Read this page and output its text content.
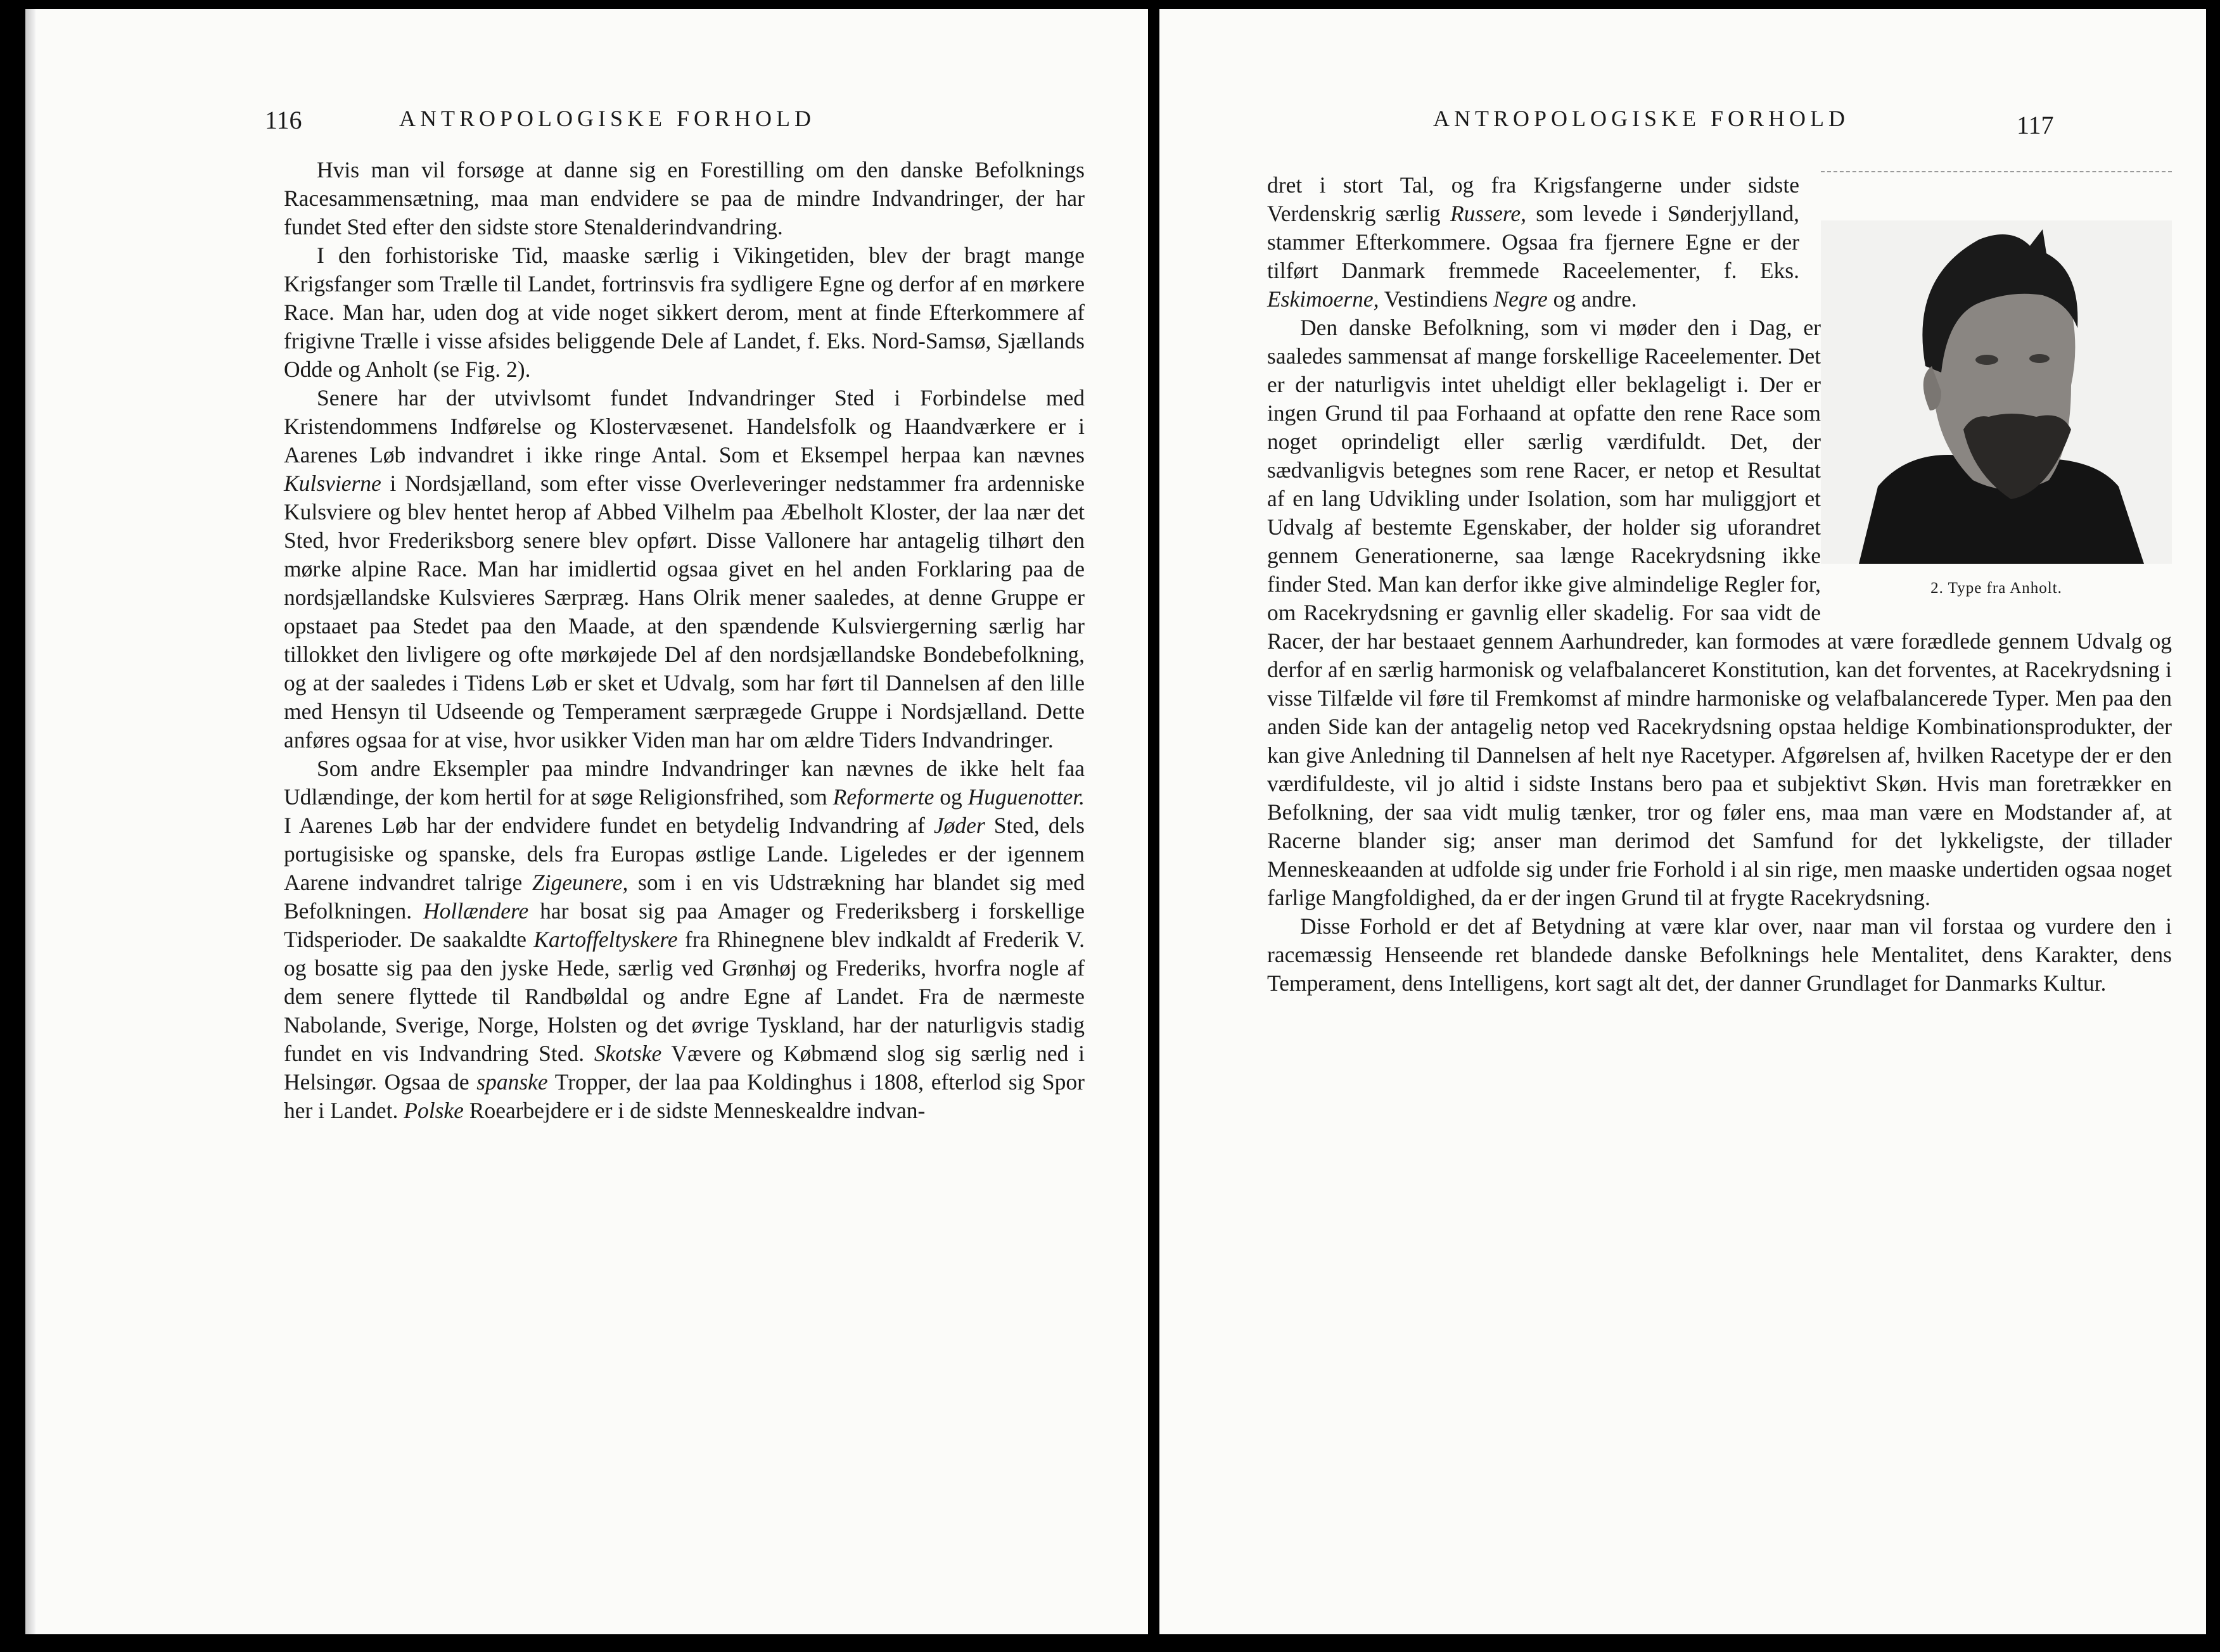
116	ANTROPOLOGISKE FORHOLD

Hvis man vil forsøge at danne sig en Forestilling om den danske Befolknings Racesammensætning, maa man endvidere se paa de mindre Indvandringer, der har fundet Sted efter den sidste store Stenalderindvandring.

I den forhistoriske Tid, maaske særlig i Vikingetiden, blev der bragt mange Krigsfanger som Trælle til Landet, fortrinsvis fra sydligere Egne og derfor af en mørkere Race. Man har, uden dog at vide noget sikkert derom, ment at finde Efterkommere af frigivne Trælle i visse afsides beliggende Dele af Landet, f. Eks. Nord-Samsø, Sjællands Odde og Anholt (se Fig. 2).

Senere har der utvivlsomt fundet Indvandringer Sted i Forbindelse med Kristendommens Indførelse og Klostervæsenet. Handelsfolk og Haandværkere er i Aarenes Løb indvandret i ikke ringe Antal. Som et Eksempel herpaa kan nævnes Kulsvierne i Nordsjælland, som efter visse Overleveringer nedstammer fra ardenniske Kulsviere og blev hentet herop af Abbed Vilhelm paa Æbelholt Kloster, der laa nær det Sted, hvor Frederiksborg senere blev opført. Disse Vallonere har antagelig tilhørt den mørke alpine Race. Man har imidlertid ogsaa givet en hel anden Forklaring paa de nordsjællandske Kulsvieres Særpræg. Hans Olrik mener saaledes, at denne Gruppe er opstaaet paa Stedet paa den Maade, at den spændende Kulsviergerning særlig har tillokket den livligere og ofte mørkøjede Del af den nordsjællandske Bondebefolkning, og at der saaledes i Tidens Løb er sket et Udvalg, som har ført til Dannelsen af den lille med Hensyn til Udseende og Temperament særprægede Gruppe i Nordsjælland. Dette anføres ogsaa for at vise, hvor usikker Viden man har om ældre Tiders Indvandringer.

Som andre Eksempler paa mindre Indvandringer kan nævnes de ikke helt faa Udlændinge, der kom hertil for at søge Religionsfrihed, som Reformerte og Huguenotter. I Aarenes Løb har der endvidere fundet en betydelig Indvandring af Jøder Sted, dels portugisiske og spanske, dels fra Europas østlige Lande. Ligeledes er der igennem Aarene indvandret talrige Zigeunere, som i en vis Udstrækning har blandet sig med Befolkningen. Hollændere har bosat sig paa Amager og Frederiksberg i forskellige Tidsperioder. De saakaldte Kartoffeltyskere fra Rhinegnene blev indkaldt af Frederik V. og bosatte sig paa den jyske Hede, særlig ved Grønhøj og Frederiks, hvorfra nogle af dem senere flyttede til Randbøldal og andre Egne af Landet. Fra de nærmeste Nabolande, Sverige, Norge, Holsten og det øvrige Tyskland, har der naturligvis stadig fundet en vis Indvandring Sted. Skotske Vævere og Købmænd slog sig særlig ned i Helsingør. Ogsaa de spanske Tropper, der laa paa Koldinghus i 1808, efterlod sig Spor her i Landet. Polske Roearbejdere er i de sidste Menneskealdre indvan-

ANTROPOLOGISKE FORHOLD	117
2. Type fra Anholt.

dret i stort Tal, og fra Krigsfangerne under sidste Verdenskrig særlig Russere, som levede i Sønderjylland, stammer Efterkommere. Ogsaa fra fjernere Egne er der tilført Danmark fremmede Raceelementer, f. Eks. Eskimoerne, Vestindiens Negre og andre.

Den danske Befolkning, som vi møder den i Dag, er saaledes sammensat af mange forskellige Raceelementer. Det er der naturligvis intet uheldigt eller beklageligt i. Der er ingen Grund til paa Forhaand at opfatte den rene Race som noget oprindeligt eller særlig værdifuldt. Det, der sædvanligvis betegnes som rene Racer, er netop et Resultat af en lang Udvikling under Isolation, som har muliggjort et Udvalg af bestemte Egenskaber, der holder sig uforandret gennem Generationerne, saa længe Racekrydsning ikke finder Sted. Man kan derfor ikke give almindelige Regler for, om Racekrydsning er gavnlig eller skadelig. For saa vidt de Racer, der har bestaaet gennem Aarhundreder, kan formodes at være forædlede gennem Udvalg og derfor af en særlig harmonisk og velafbalanceret Konstitution, kan det forventes, at Racekrydsning i visse Tilfælde vil føre til Fremkomst af mindre harmoniske og velafbalancerede Typer. Men paa den anden Side kan der antagelig netop ved Racekrydsning opstaa heldige Kombinationsprodukter, der kan give Anledning til Dannelsen af helt nye Racetyper. Afgørelsen af, hvilken Racetype der er den værdifuldeste, vil jo altid i sidste Instans bero paa et subjektivt Skøn. Hvis man foretrækker en Befolkning, der saa vidt mulig tænker, tror og føler ens, maa man være en Modstander af, at Racerne blander sig; anser man derimod det Samfund for det lykkeligste, der tillader Menneskeaanden at udfolde sig under frie Forhold i al sin rige, men maaske undertiden ogsaa noget farlige Mangfoldighed, da er der ingen Grund til at frygte Racekrydsning.

Disse Forhold er det af Betydning at være klar over, naar man vil forstaa og vurdere den i racemæssig Henseende ret blandede danske Befolknings hele Mentalitet, dens Karakter, dens Temperament, dens Intelligens, kort sagt alt det, der danner Grundlaget for Danmarks Kultur.
